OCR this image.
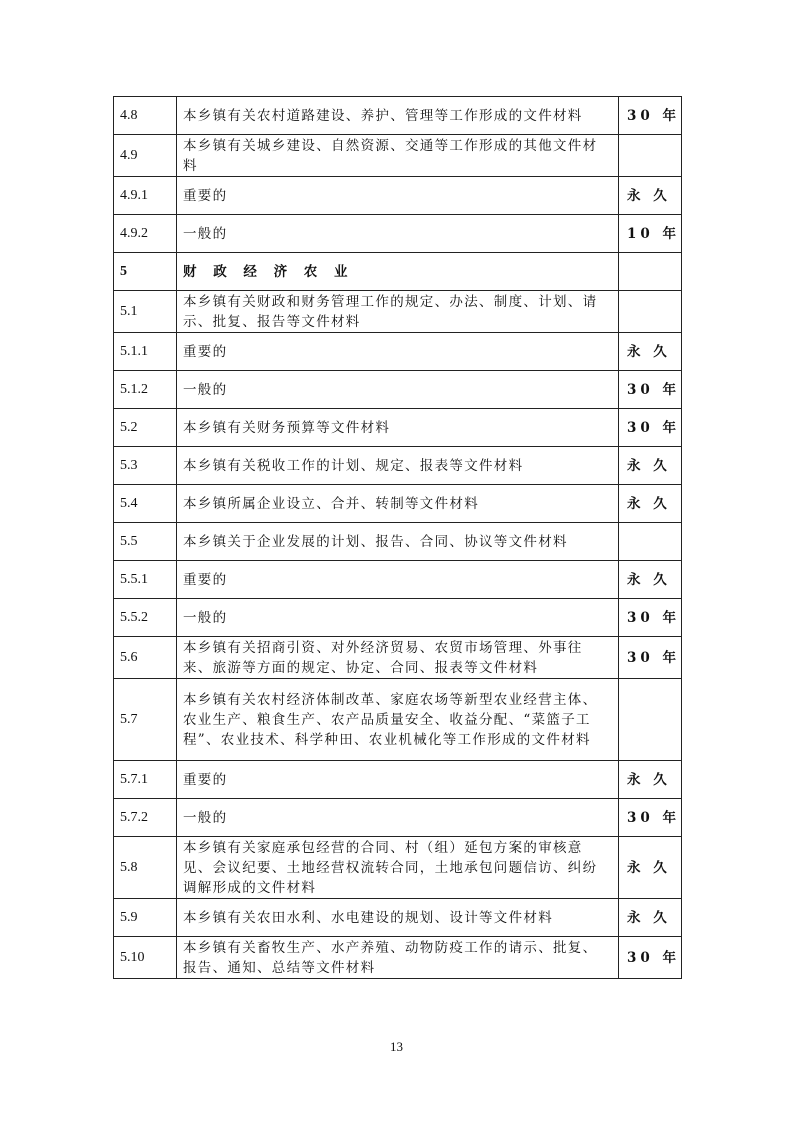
4.8	本乡镇有关农村道路建设、养护、管理等工作形成的文件材料	30 年
4.9	本乡镇有关城乡建设、自然资源、交通等工作形成的其他文件材料	
4.9.1	重要的	永 久
4.9.2	一般的	10 年
5	财 政 经 济 农 业	
5.1	本乡镇有关财政和财务管理工作的规定、办法、制度、计划、请示、批复、报告等文件材料	
5.1.1	重要的	永 久
5.1.2	一般的	30 年
5.2	本乡镇有关财务预算等文件材料	30 年
5.3	本乡镇有关税收工作的计划、规定、报表等文件材料	永 久
5.4	本乡镇所属企业设立、合并、转制等文件材料	永 久
5.5	本乡镇关于企业发展的计划、报告、合同、协议等文件材料	
5.5.1	重要的	永 久
5.5.2	一般的	30 年
5.6	本乡镇有关招商引资、对外经济贸易、农贸市场管理、外事往来、旅游等方面的规定、协定、合同、报表等文件材料	30 年
5.7	本乡镇有关农村经济体制改革、家庭农场等新型农业经营主体、农业生产、粮食生产、农产品质量安全、收益分配、“菜篮子工程”、农业技术、科学种田、农业机械化等工作形成的文件材料	
5.7.1	重要的	永 久
5.7.2	一般的	30 年
5.8	本乡镇有关家庭承包经营的合同、村（组）延包方案的审核意见、会议纪要、土地经营权流转合同，土地承包问题信访、纠纷调解形成的文件材料	永 久
5.9	本乡镇有关农田水利、水电建设的规划、设计等文件材料	永 久
5.10	本乡镇有关畜牧生产、水产养殖、动物防疫工作的请示、批复、报告、通知、总结等文件材料	30 年
13
